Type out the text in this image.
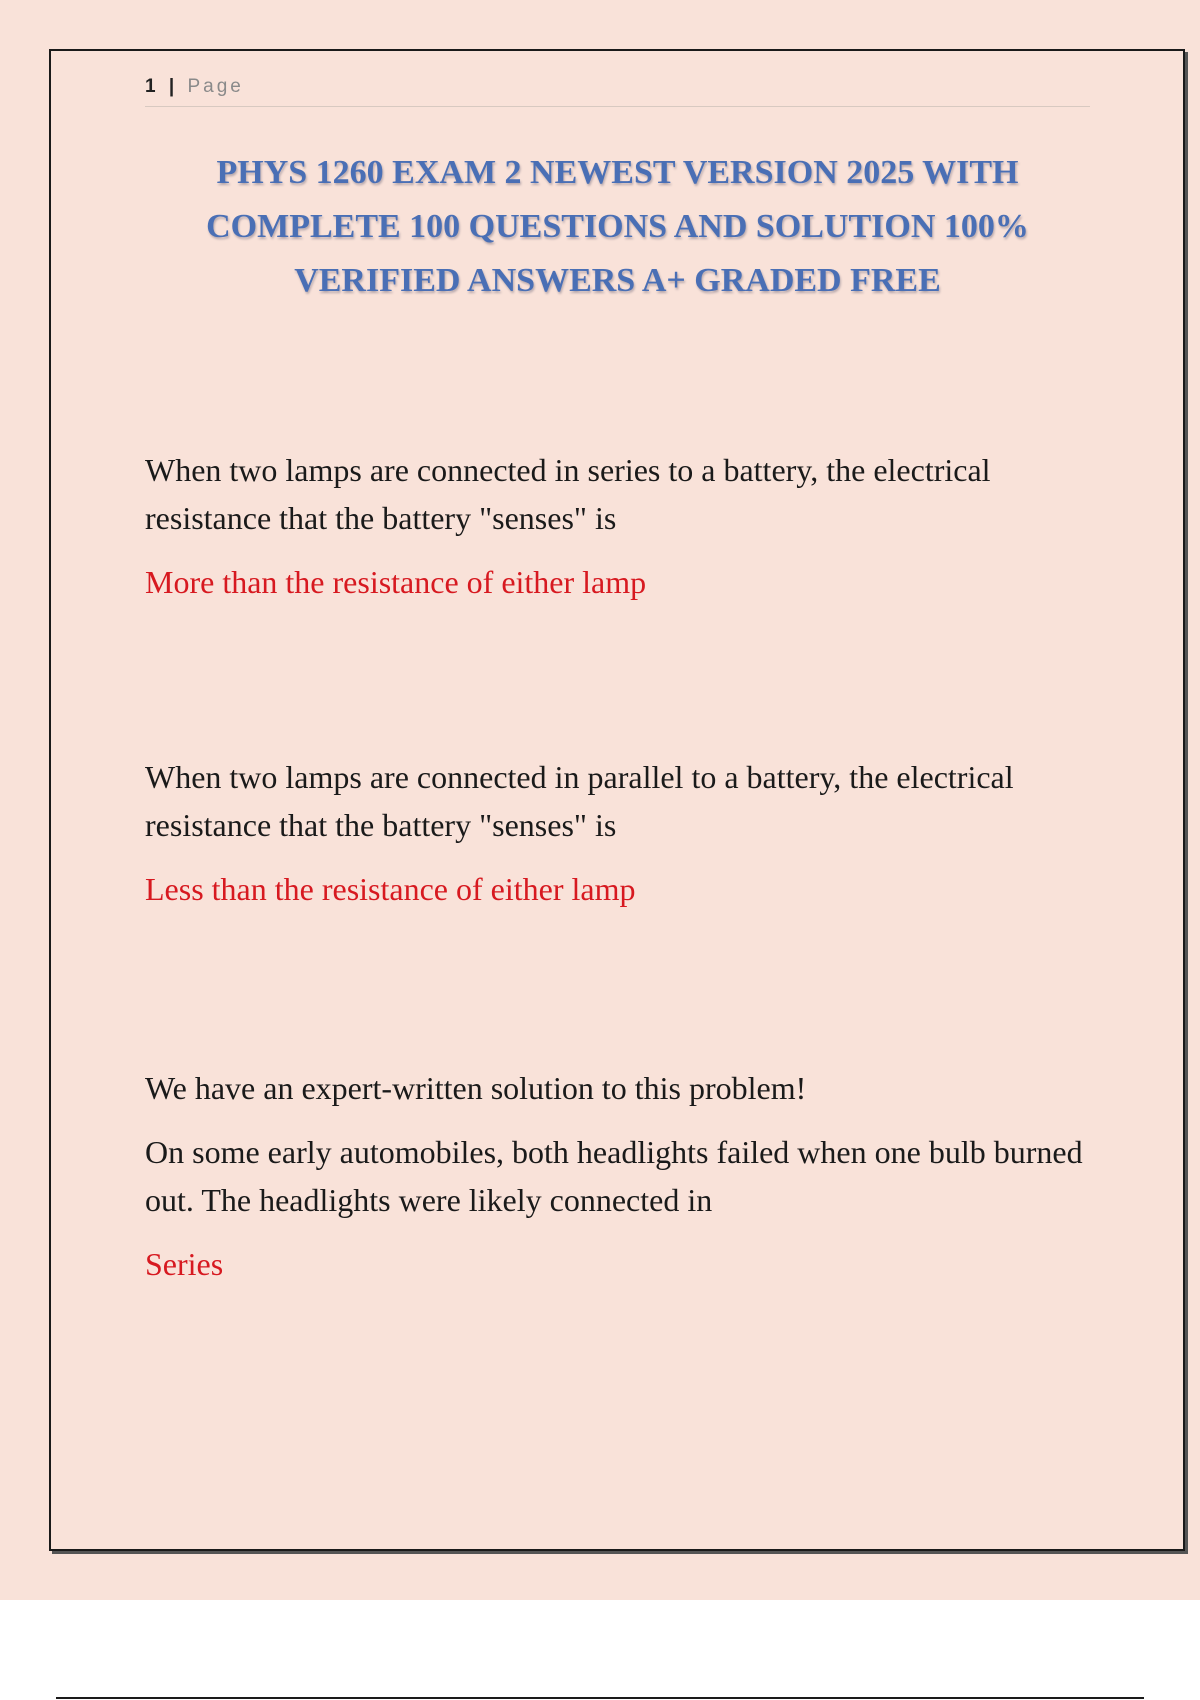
1 | Page
PHYS 1260 EXAM 2 NEWEST VERSION 2025 WITH COMPLETE 100 QUESTIONS AND SOLUTION 100% VERIFIED ANSWERS A+ GRADED FREE

When two lamps are connected in series to a battery, the electrical resistance that the battery "senses" is

More than the resistance of either lamp

When two lamps are connected in parallel to a battery, the electrical resistance that the battery "senses" is

Less than the resistance of either lamp

We have an expert-written solution to this problem!

On some early automobiles, both headlights failed when one bulb burned out. The headlights were likely connected in

Series
